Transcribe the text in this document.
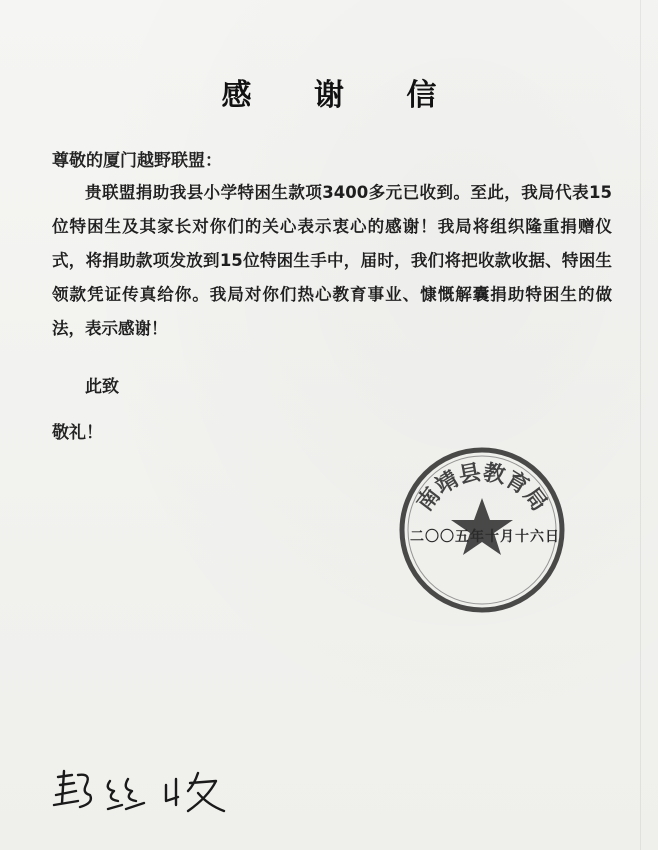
感 谢 信
尊敬的厦门越野联盟：
贵联盟捐助我县小学特困生款项3400多元已收到。至此，我局代表15位特困生及其家长对你们的关心表示衷心的感谢！我局将组织隆重捐赠仪式，将捐助款项发放到15位特困生手中，届时，我们将把收款收据、特困生领款凭证传真给你。我局对你们热心教育事业、慷慨解囊捐助特困生的做法，表示感谢！
此致
敬礼！
南靖县教育局
二〇〇五年十月十六日
